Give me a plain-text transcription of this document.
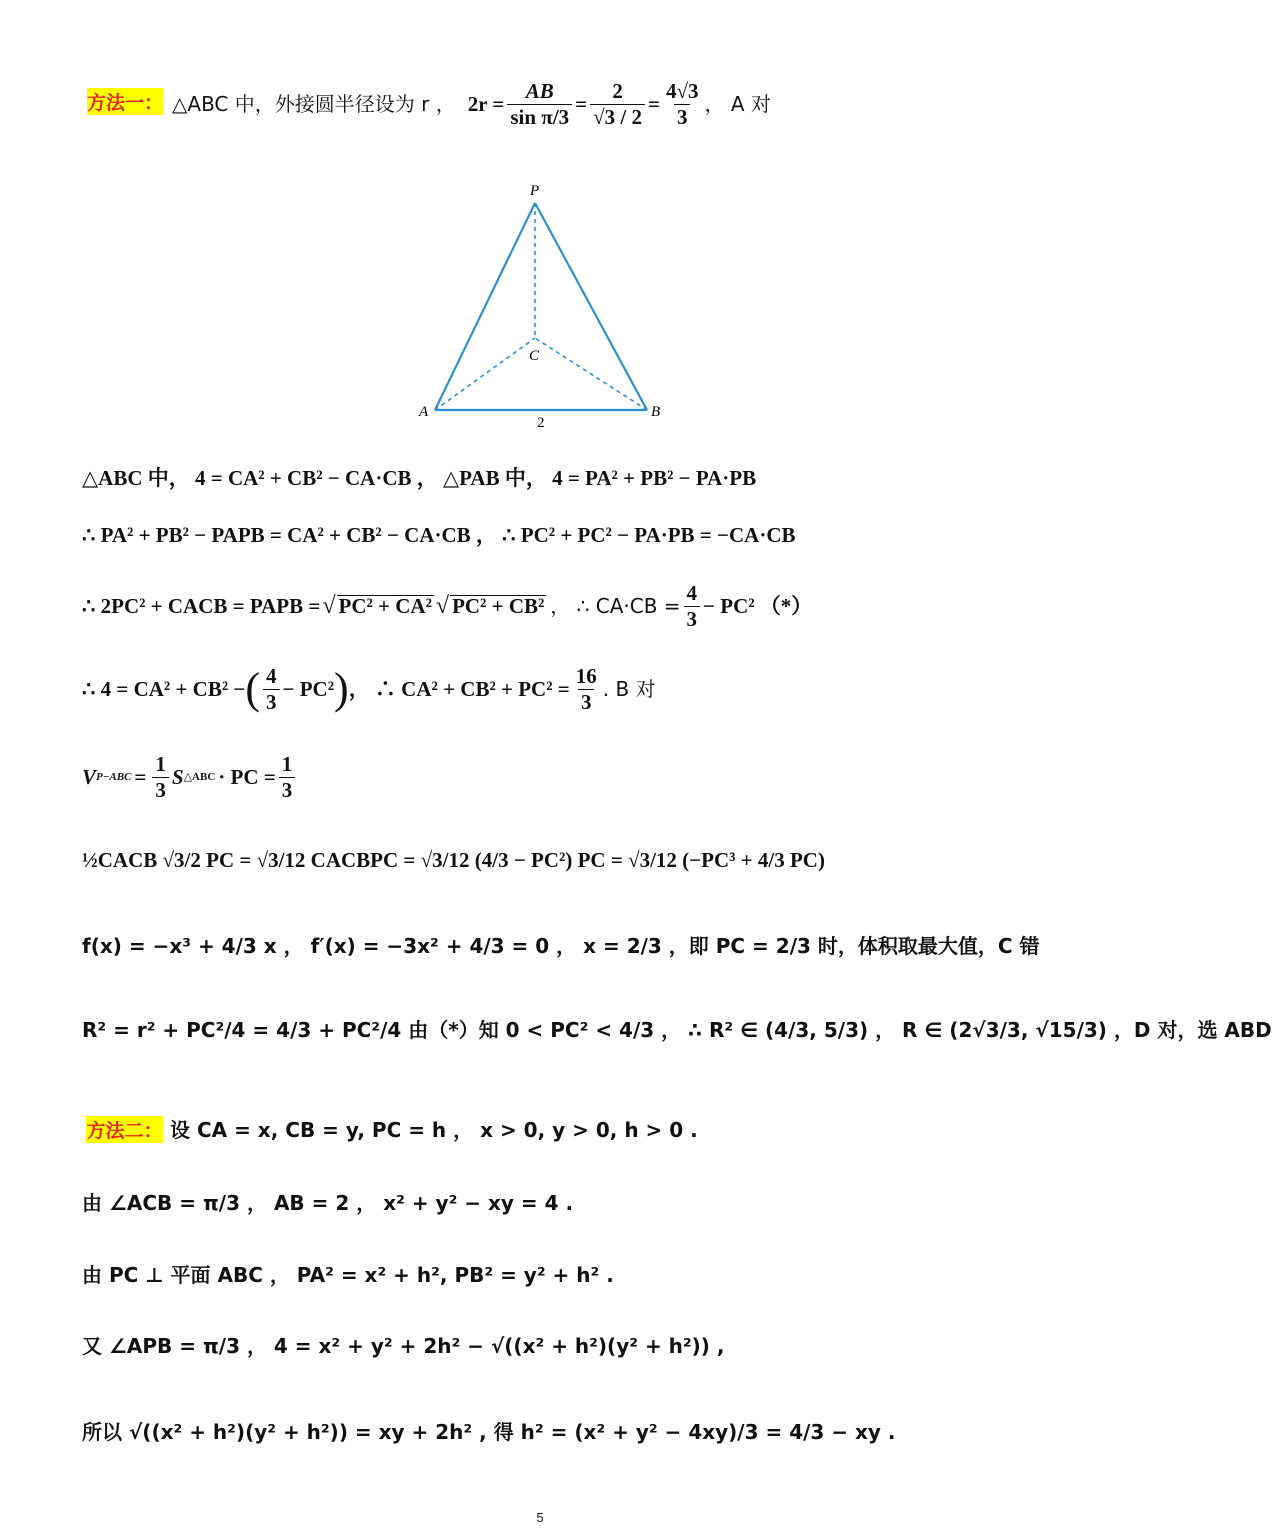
方法一： △ABC 中，外接圆半径设为 r ， $2r = \frac{AB}{\text{sin π/3}} = \frac{2}{√3 / 2} = \frac{4√3}{3}$ ， A 对
P
A	B
C
2
△ABC 中， 4 = CA² + CB² − CA·CB ， △PAB 中， 4 = PA² + PB² − PA·PB
∴ PA² + PB² − PAPB = CA² + CB² − CA·CB ， ∴ PC² + PC² − PA·PB = −CA·CB
∴ 2PC² + CACB = PAPB = √ PC² + CA² √ PC² + CB² ， ∴ $CA\cdot CB = \frac{4}{3} - PC^2$ （*）
∴ 4 = CA² + CB² − ( $\frac{4}{3} - PC^2$ ) ， ∴ $CA^2 + CB^2 + PC^2 = \frac{16}{3}$ . B 对
V $P-ABC = \frac{1}{3}$ S △ABC · PC = $\frac{1}{3}$
½CACB √3/2 PC = √3/12 CACBPC = √3/12 (4/3 − PC²) PC = √3/12 (−PC³ + 4/3 PC)
f(x) = −x³ + 4/3 x ， f′(x) = −3x² + 4/3 = 0 ， x = 2/3 ，即 PC = 2/3 时，体积取最大值，C 错
R² = r² + PC²/4 = 4/3 + PC²/4 由（*）知 0 < PC² < 4/3 ， ∴ R² ∈ (4/3, 5/3) ， R ∈ (2√3/3, √15/3) ，D 对，选 ABD
方法二： 设 CA = x, CB = y, PC = h ， x > 0, y > 0, h > 0 .
由 ∠ACB = π/3 ， AB = 2 ， x² + y² − xy = 4 .
由 PC ⊥ 平面 ABC ， PA² = x² + h², PB² = y² + h² .
又 ∠APB = π/3 ， 4 = x² + y² + 2h² − √((x² + h²)(y² + h²)) ,
所以 √((x² + h²)(y² + h²)) = xy + 2h² , 得 h² = (x² + y² − 4xy)/3 = 4/3 − xy .
5
